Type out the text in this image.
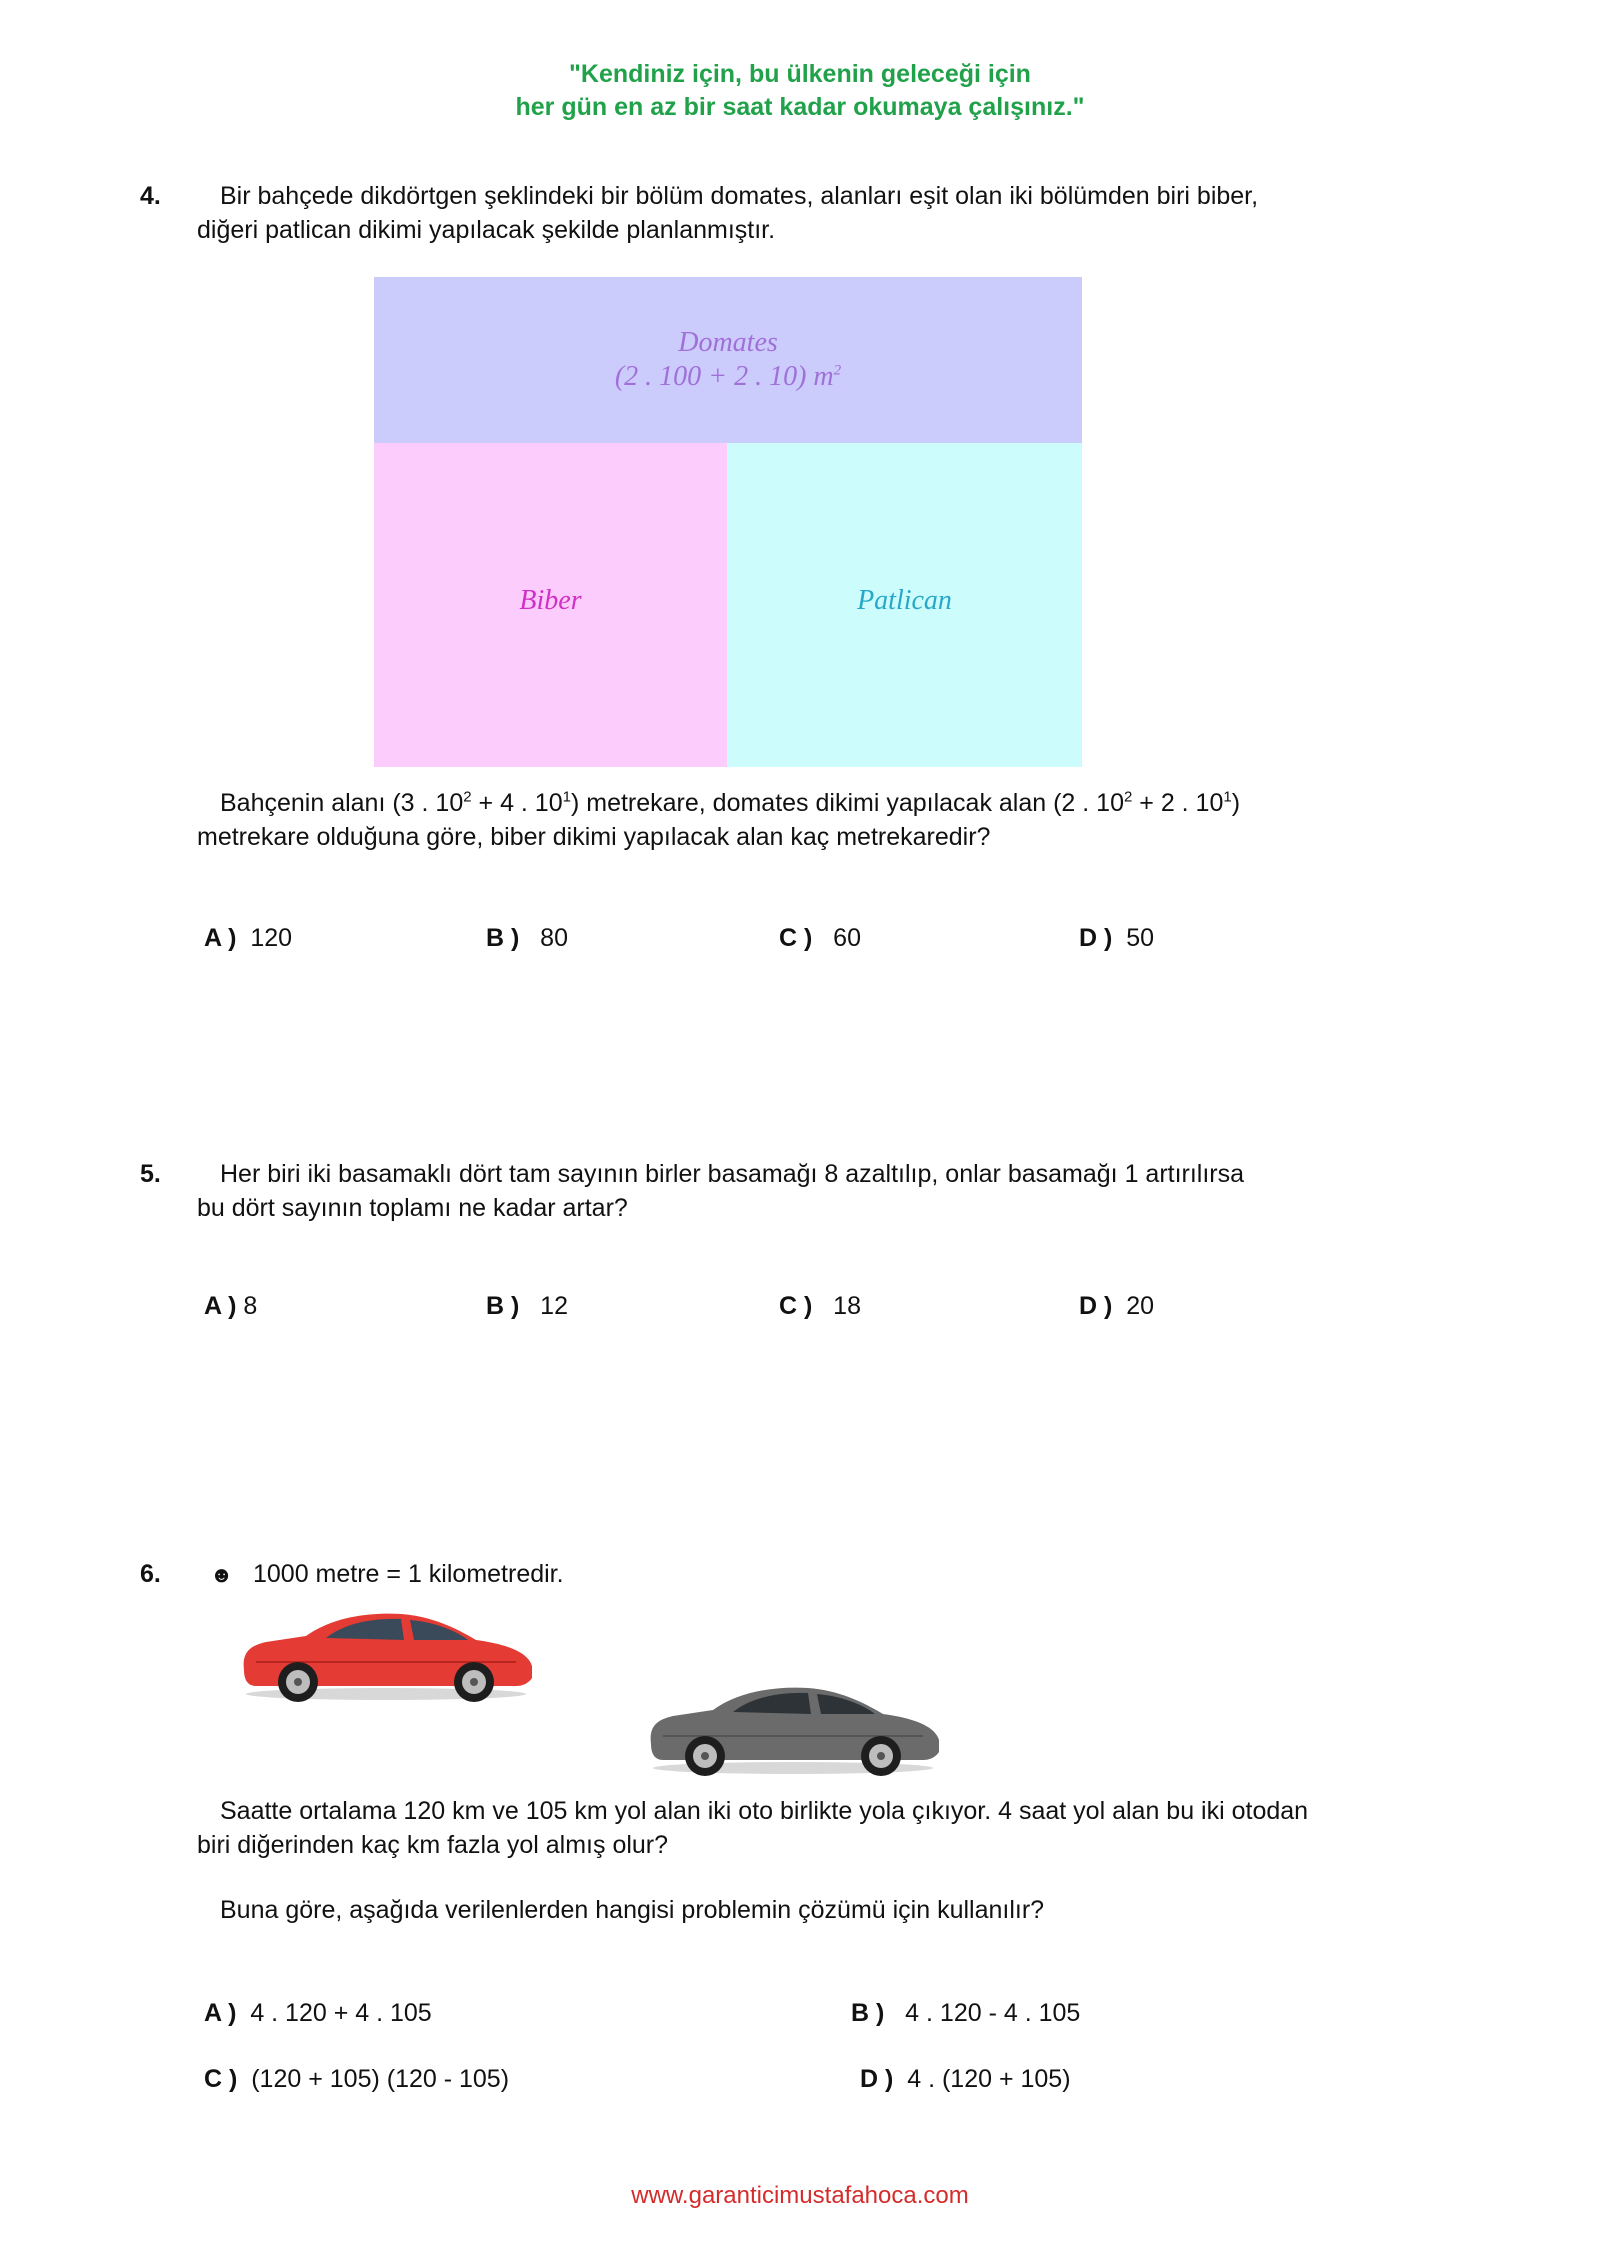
"Kendiniz için, bu ülkenin geleceği için
her gün en az bir saat kadar okumaya çalışınız."
4. Bir bahçede dikdörtgen şeklindeki bir bölüm domates, alanları eşit olan iki bölümden biri biber,
diğeri patlican dikimi yapılacak şekilde planlanmıştır.
Domates
(2 . 100 + 2 . 10) $m^2$
Biber	Patlican
Bahçenin alanı (3 . $10^2 + 4$ . $10^1$) metrekare, domates dikimi yapılacak alan (2 . $10^2 + 2$ . $10^1$)
metrekare olduğuna göre, biber dikimi yapılacak alan kaç metrekaredir?
A ) 120	B ) 80	C ) 60	D ) 50
5. Her biri iki basamaklı dört tam sayının birler basamağı 8 azaltılıp, onlar basamağı 1 artırılırsa
bu dört sayının toplamı ne kadar artar?
A ) 8	B ) 12	C ) 18	D ) 20
6. ☻ 1000 metre = 1 kilometredir.
Saatte ortalama 120 km ve 105 km yol alan iki oto birlikte yola çıkıyor. 4 saat yol alan bu iki otodan
biri diğerinden kaç km fazla yol almış olur?
Buna göre, aşağıda verilenlerden hangisi problemin çözümü için kullanılır?
A ) 4 . 120 + 4 . 105	B ) 4 . 120 - 4 . 105
C ) (120 + 105) (120 - 105)	D ) 4 . (120 + 105)
www.garanticimustafahoca.com
